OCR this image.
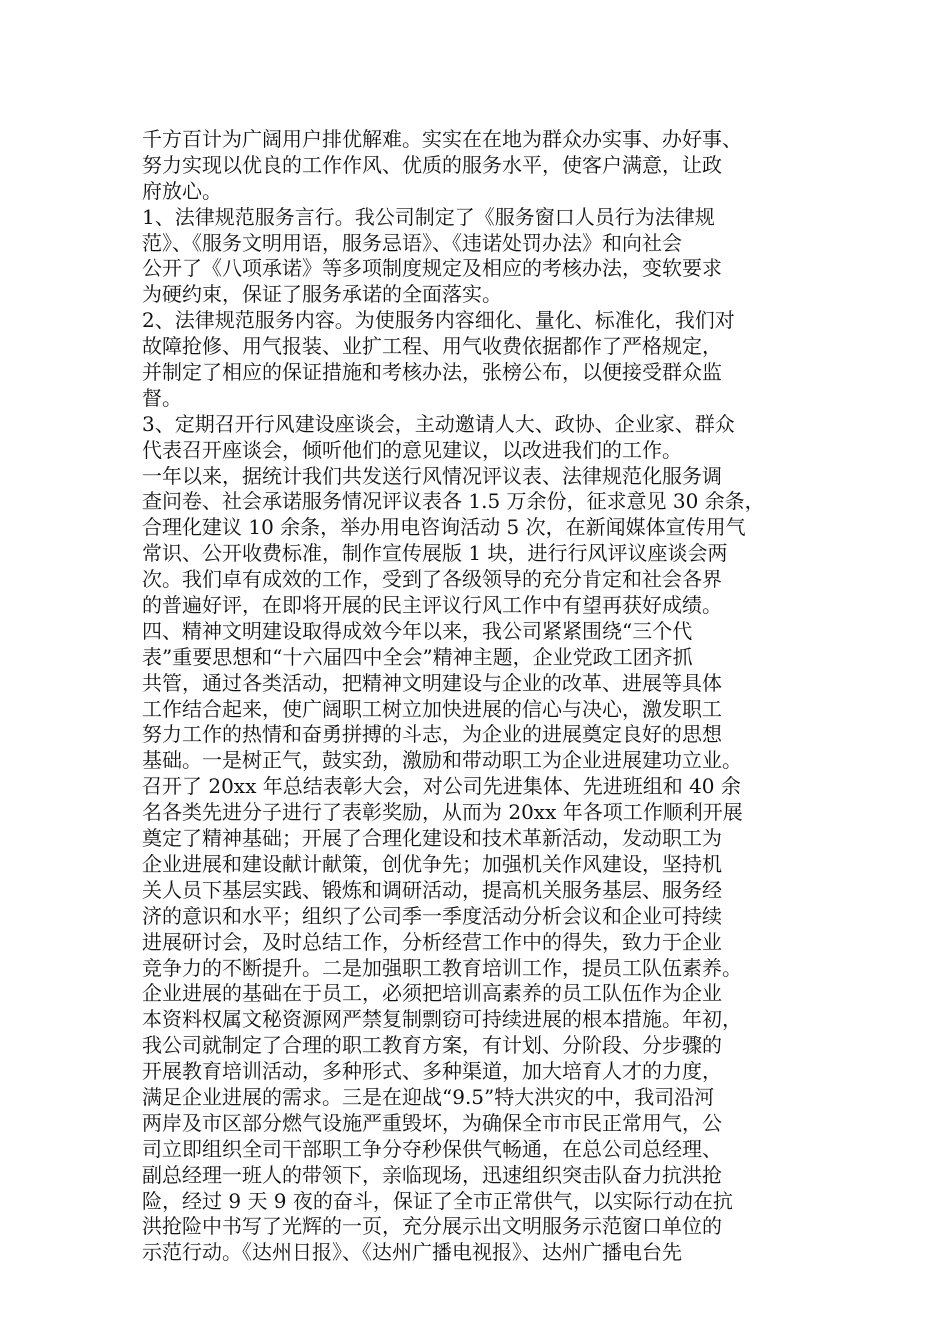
千方百计为广阔用户排优解难。实实在在地为群众办实事、办好事、
努力实现以优良的工作作风、优质的服务水平，使客户满意，让政
府放心。
1、法律规范服务言行。我公司制定了《服务窗口人员行为法律规
范》、《服务文明用语，服务忌语》、《违诺处罚办法》和向社会
公开了《八项承诺》等多项制度规定及相应的考核办法，变软要求
为硬约束，保证了服务承诺的全面落实。
2、法律规范服务内容。为使服务内容细化、量化、标准化，我们对
故障抢修、用气报装、业扩工程、用气收费依据都作了严格规定，
并制定了相应的保证措施和考核办法，张榜公布，以便接受群众监
督。
3、定期召开行风建设座谈会，主动邀请人大、政协、企业家、群众
代表召开座谈会，倾听他们的意见建议，以改进我们的工作。
一年以来，据统计我们共发送行风情况评议表、法律规范化服务调
查问卷、社会承诺服务情况评议表各 1.5 万余份，征求意见 30 余条，
合理化建议 10 余条，举办用电咨询活动 5 次，在新闻媒体宣传用气
常识、公开收费标准，制作宣传展版 1 块，进行行风评议座谈会两
次。我们卓有成效的工作，受到了各级领导的充分肯定和社会各界
的普遍好评，在即将开展的民主评议行风工作中有望再获好成绩。
四、精神文明建设取得成效今年以来，我公司紧紧围绕“三个代
表”重要思想和“十六届四中全会”精神主题，企业党政工团齐抓
共管，通过各类活动，把精神文明建设与企业的改革、进展等具体
工作结合起来，使广阔职工树立加快进展的信心与决心，激发职工
努力工作的热情和奋勇拼搏的斗志，为企业的进展奠定良好的思想
基础。一是树正气，鼓实劲，激励和带动职工为企业进展建功立业。
召开了 20xx 年总结表彰大会，对公司先进集体、先进班组和 40 余
名各类先进分子进行了表彰奖励，从而为 20xx 年各项工作顺利开展
奠定了精神基础；开展了合理化建设和技术革新活动，发动职工为
企业进展和建设献计献策，创优争先；加强机关作风建设，坚持机
关人员下基层实践、锻炼和调研活动，提高机关服务基层、服务经
济的意识和水平；组织了公司季一季度活动分析会议和企业可持续
进展研讨会，及时总结工作，分析经营工作中的得失，致力于企业
竞争力的不断提升。二是加强职工教育培训工作，提员工队伍素养。
企业进展的基础在于员工，必须把培训高素养的员工队伍作为企业
本资料权属文秘资源网严禁复制剽窃可持续进展的根本措施。年初，
我公司就制定了合理的职工教育方案，有计划、分阶段、分步骤的
开展教育培训活动，多种形式、多种渠道，加大培育人才的力度，
满足企业进展的需求。三是在迎战“9.5”特大洪灾的中，我司沿河
两岸及市区部分燃气设施严重毁坏，为确保全市市民正常用气，公
司立即组织全司干部职工争分夺秒保供气畅通，在总公司总经理、
副总经理一班人的带领下，亲临现场，迅速组织突击队奋力抗洪抢
险，经过 9 天 9 夜的奋斗，保证了全市正常供气，以实际行动在抗
洪抢险中书写了光辉的一页，充分展示出文明服务示范窗口单位的
示范行动。《达州日报》、《达州广播电视报》、达州广播电台先
